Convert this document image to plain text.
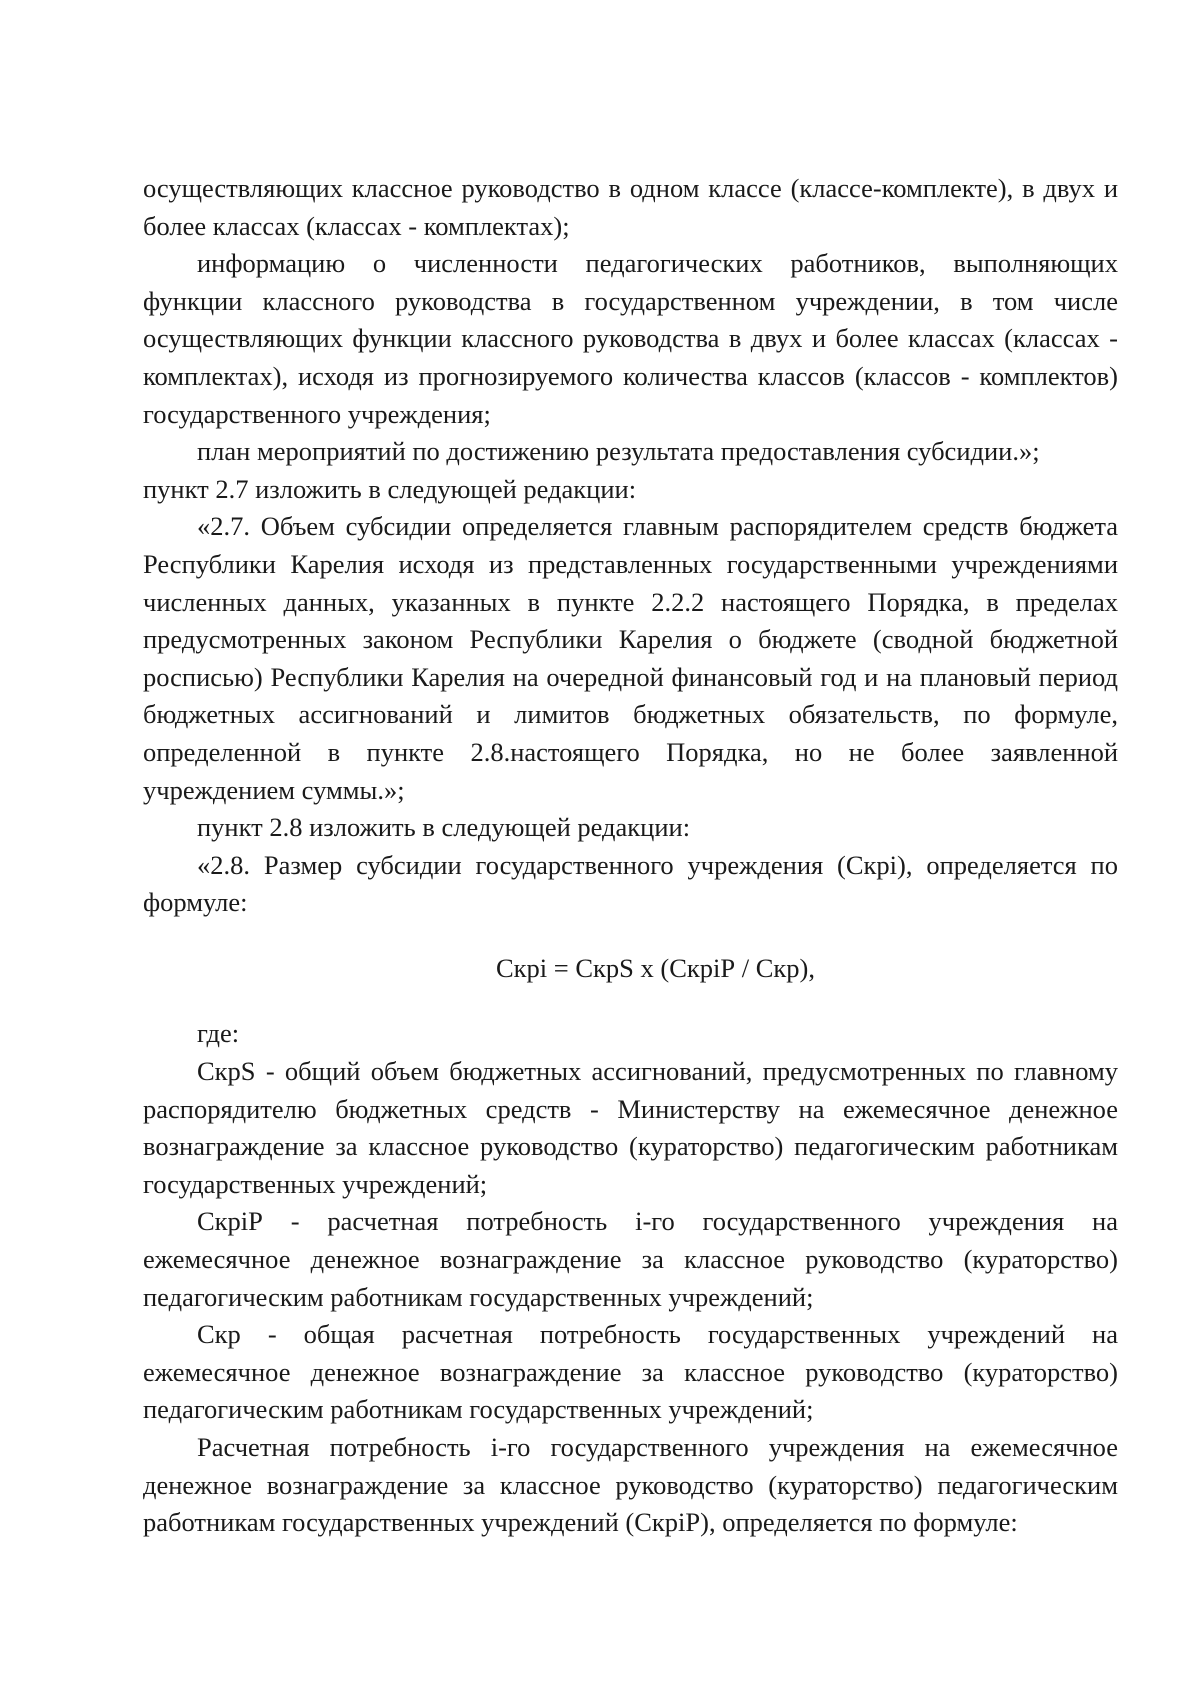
осуществляющих классное руководство в одном классе (классе-комплекте), в двух и более классах (классах - комплектах);

информацию о численности педагогических работников, выполняющих функции классного руководства в государственном учреждении, в том числе осуществляющих функции классного руководства в двух и более классах (классах - комплектах), исходя из прогнозируемого количества классов (классов - комплектов) государственного учреждения;

план мероприятий по достижению результата предоставления субсидии.»;

пункт 2.7 изложить в следующей редакции:

«2.7. Объем субсидии определяется главным распорядителем средств бюджета Республики Карелия исходя из представленных государственными учреждениями численных данных, указанных в пункте 2.2.2 настоящего Порядка, в пределах предусмотренных законом Республики Карелия о бюджете (сводной бюджетной росписью) Республики Карелия на очередной финансовый год и на плановый период бюджетных ассигнований и лимитов бюджетных обязательств, по формуле, определенной в пункте 2.8.настоящего Порядка, но не более заявленной учреждением суммы.»;

пункт 2.8 изложить в следующей редакции:

«2.8. Размер субсидии государственного учреждения (Cкрi), определяется по формуле:

Cкрi = CкрS x (CкрiР / Cкр),

где:

CкрS - общий объем бюджетных ассигнований, предусмотренных по главному распорядителю бюджетных средств - Министерству на ежемесячное денежное вознаграждение за классное руководство (кураторство) педагогическим работникам государственных учреждений;

CкрiР - расчетная потребность i-го государственного учреждения на ежемесячное денежное вознаграждение за классное руководство (кураторство) педагогическим работникам государственных учреждений;

Cкр - общая расчетная потребность государственных учреждений на ежемесячное денежное вознаграждение за классное руководство (кураторство) педагогическим работникам государственных учреждений;

Расчетная потребность i-го государственного учреждения на ежемесячное денежное вознаграждение за классное руководство (кураторство) педагогическим работникам государственных учреждений (CкрiР), определяется по формуле:
